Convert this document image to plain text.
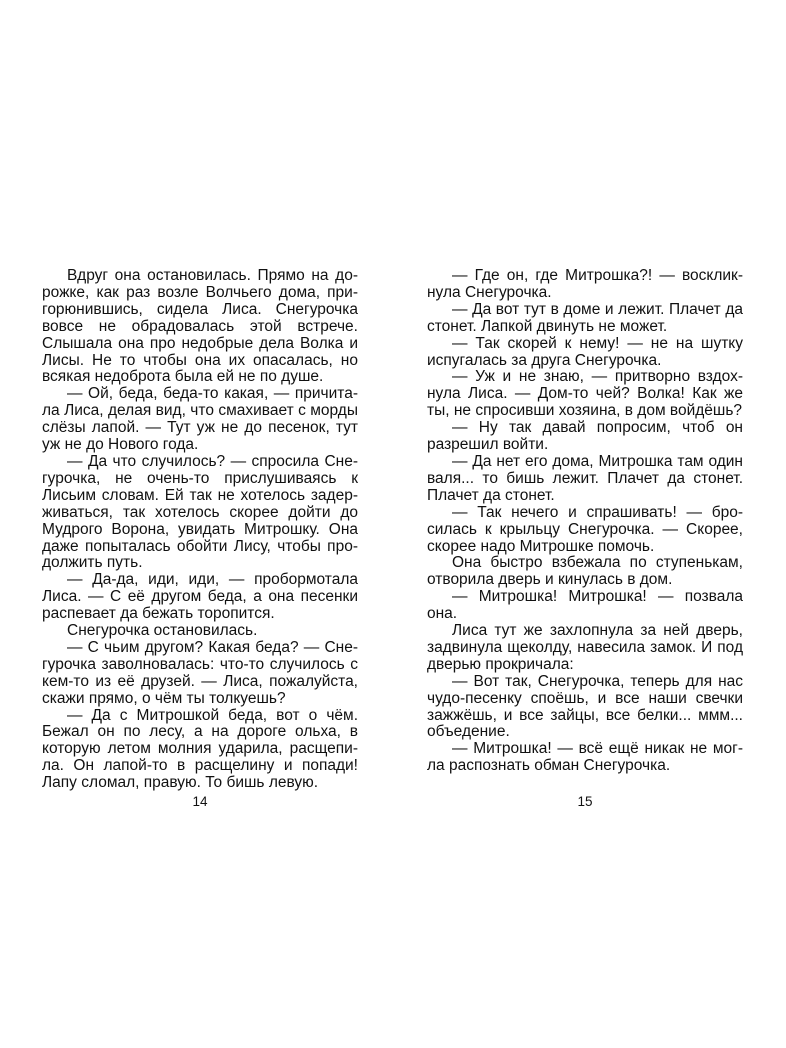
Вдруг она остановилась. Прямо на дорожке, как раз возле Волчьего дома, пригорюнившись, сидела Лиса. Снегурочка вовсе не обрадовалась этой встрече. Слышала она про недобрые дела Волка и Лисы. Не то чтобы она их опасалась, но всякая недоброта была ей не по душе.

— Ой, беда, беда-то какая, — причитала Лиса, делая вид, что смахивает с морды слёзы лапой. — Тут уж не до песенок, тут уж не до Нового года.

— Да что случилось? — спросила Снегурочка, не очень-то прислушиваясь к Лисьим словам. Ей так не хотелось задерживаться, так хотелось скорее дойти до Мудрого Ворона, увидать Митрошку. Она даже попыталась обойти Лису, чтобы продолжить путь.

— Да-да, иди, иди, — пробормотала Лиса. — С её другом беда, а она песенки распевает да бежать торопится.

Снегурочка остановилась.

— С чьим другом? Какая беда? — Снегурочка заволновалась: что-то случилось с кем-то из её друзей. — Лиса, пожалуйста, скажи прямо, о чём ты толкуешь?

— Да с Митрошкой беда, вот о чём. Бежал он по лесу, а на дороге ольха, в которую летом молния ударила, расщепила. Он лапой-то в расщелину и попади! Лапу сломал, правую. То бишь левую.

— Где он, где Митрошка?! — воскликнула Снегурочка.

— Да вот тут в доме и лежит. Плачет да стонет. Лапкой двинуть не может.

— Так скорей к нему! — не на шутку испугалась за друга Снегурочка.

— Уж и не знаю, — притворно вздохнула Лиса. — Дом-то чей? Волка! Как же ты, не спросивши хозяина, в дом войдёшь?

— Ну так давай попросим, чтоб он разрешил войти.

— Да нет его дома, Митрошка там один валя... то бишь лежит. Плачет да стонет. Плачет да стонет.

— Так нечего и спрашивать! — бросилась к крыльцу Снегурочка. — Скорее, скорее надо Митрошке помочь.

Она быстро взбежала по ступенькам, отворила дверь и кинулась в дом.

— Митрошка! Митрошка! — позвала она.

Лиса тут же захлопнула за ней дверь, задвинула щеколду, навесила замок. И под дверью прокричала:

— Вот так, Снегурочка, теперь для нас чудо-песенку споёшь, и все наши свечки зажжёшь, и все зайцы, все белки... ммм... объедение.

— Митрошка! — всё ещё никак не могла распознать обман Снегурочка.

14	15
